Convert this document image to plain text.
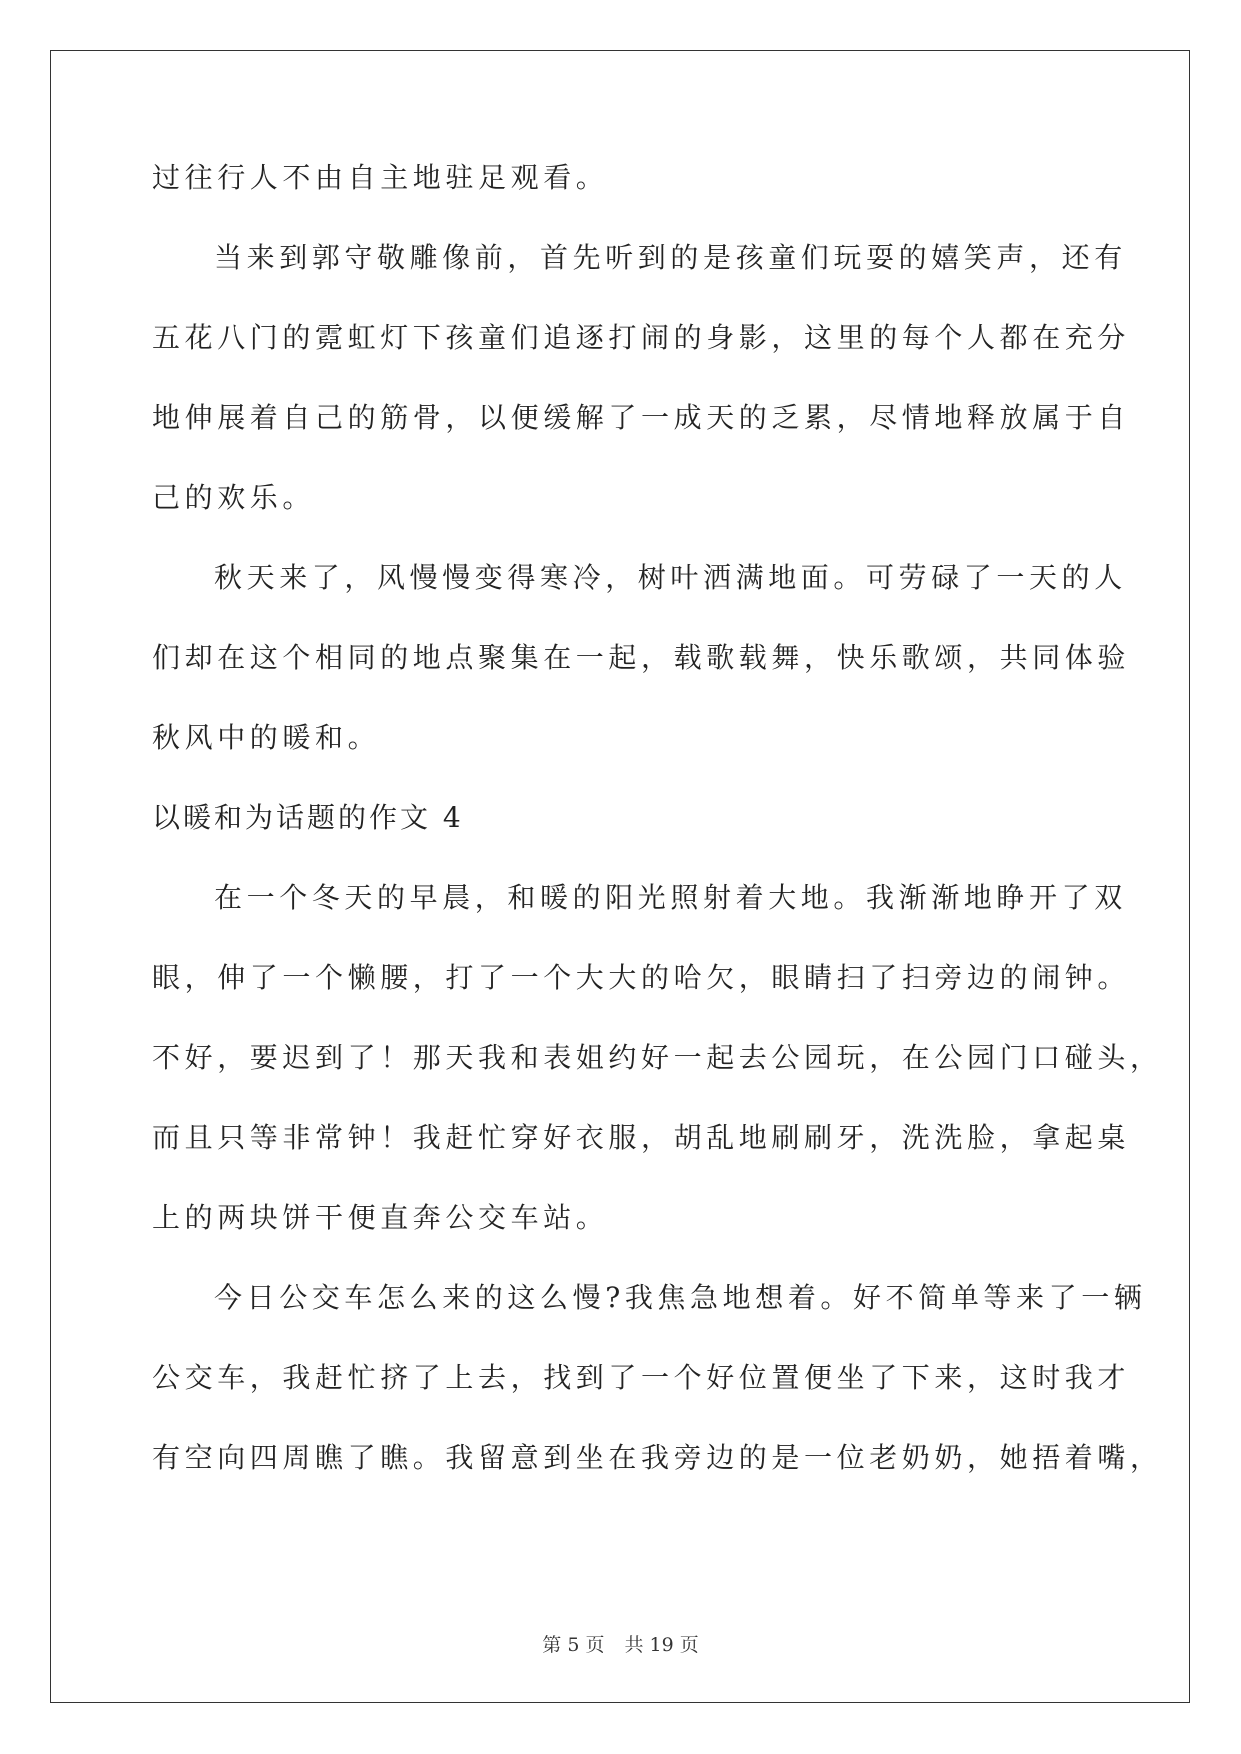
过往行人不由自主地驻足观看。
当来到郭守敬雕像前，首先听到的是孩童们玩耍的嬉笑声，还有
五花八门的霓虹灯下孩童们追逐打闹的身影，这里的每个人都在充分
地伸展着自己的筋骨，以便缓解了一成天的乏累，尽情地释放属于自
己的欢乐。
秋天来了，风慢慢变得寒冷，树叶洒满地面。可劳碌了一天的人
们却在这个相同的地点聚集在一起，载歌载舞，快乐歌颂，共同体验
秋风中的暖和。
以暖和为话题的作文 4
在一个冬天的早晨，和暖的阳光照射着大地。我渐渐地睁开了双
眼，伸了一个懒腰，打了一个大大的哈欠，眼睛扫了扫旁边的闹钟。
不好，要迟到了！那天我和表姐约好一起去公园玩，在公园门口碰头，
而且只等非常钟！我赶忙穿好衣服，胡乱地刷刷牙，洗洗脸，拿起桌
上的两块饼干便直奔公交车站。
今日公交车怎么来的这么慢?我焦急地想着。好不简单等来了一辆
公交车，我赶忙挤了上去，找到了一个好位置便坐了下来，这时我才
有空向四周瞧了瞧。我留意到坐在我旁边的是一位老奶奶，她捂着嘴，
第 5 页 共 19 页
